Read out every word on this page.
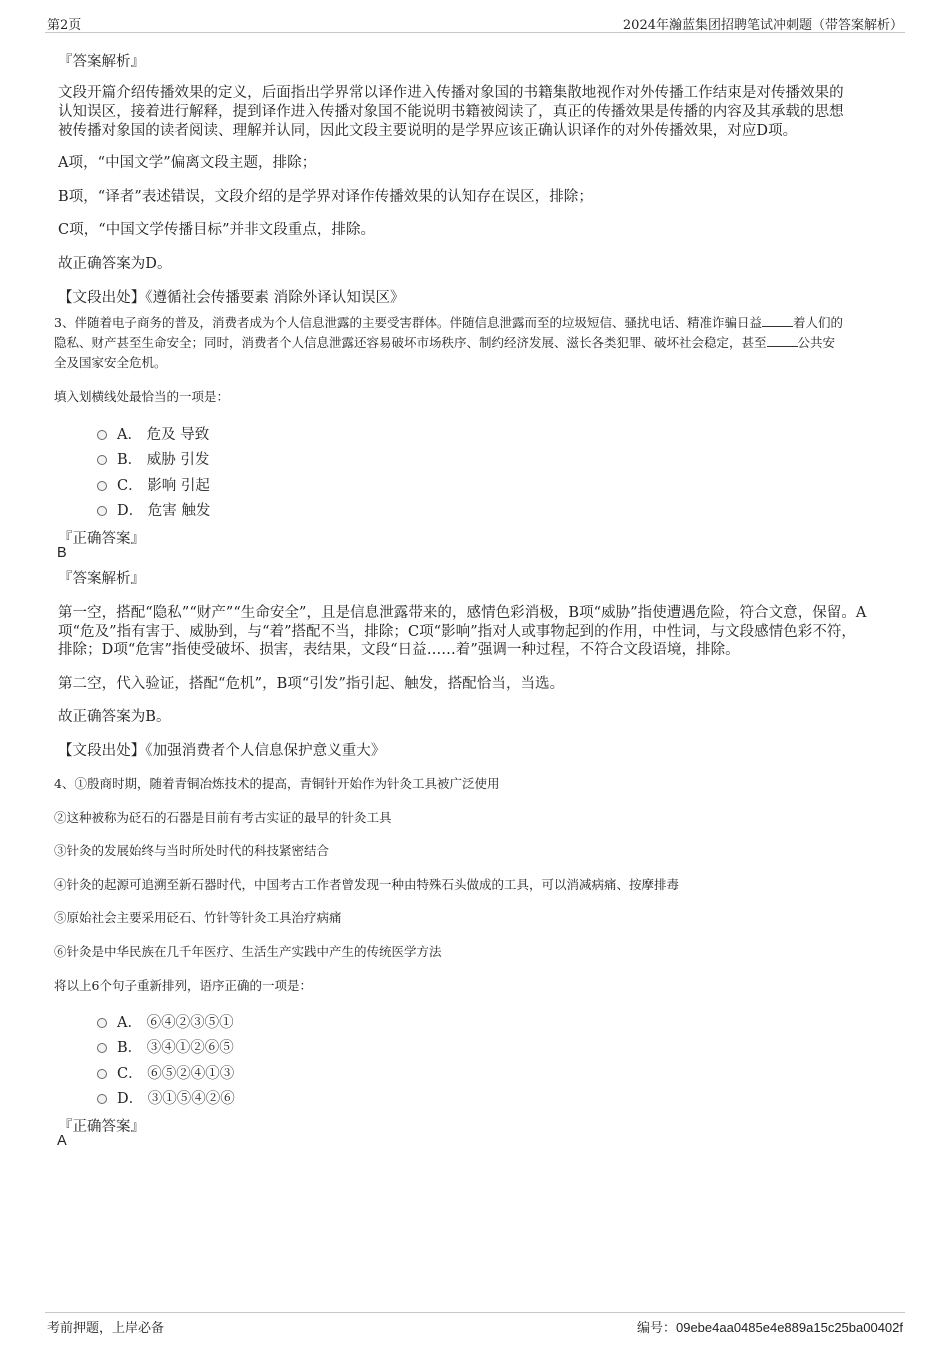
第2页	2024年瀚蓝集团招聘笔试冲刺题（带答案解析）
『答案解析』
文段开篇介绍传播效果的定义，后面指出学界常以译作进入传播对象国的书籍集散地视作对外传播工作结束是对传播效果的
认知误区，接着进行解释，提到译作进入传播对象国不能说明书籍被阅读了，真正的传播效果是传播的内容及其承载的思想
被传播对象国的读者阅读、理解并认同，因此文段主要说明的是学界应该正确认识译作的对外传播效果，对应D项。
A项，“中国文学”偏离文段主题，排除；
B项，“译者”表述错误，文段介绍的是学界对译作传播效果的认知存在误区，排除；
C项，“中国文学传播目标”并非文段重点，排除。
故正确答案为D。
【文段出处】《遵循社会传播要素 消除外译认知误区》
3、伴随着电子商务的普及，消费者成为个人信息泄露的主要受害群体。伴随信息泄露而至的垃圾短信、骚扰电话、精准诈骗日益 着人们的
隐私、财产甚至生命安全；同时，消费者个人信息泄露还容易破坏市场秩序、制约经济发展、滋长各类犯罪、破坏社会稳定，甚至 公共安
全及国家安全危机。
填入划横线处最恰当的一项是：
A． 危及 导致
B． 威胁 引发
C． 影响 引起
D． 危害 触发
『正确答案』
B
『答案解析』
第一空，搭配“隐私”“财产”“生命安全”，且是信息泄露带来的，感情色彩消极，B项“威胁”指使遭遇危险，符合文意，保留。A
项“危及”指有害于、威胁到，与“着”搭配不当，排除；C项“影响”指对人或事物起到的作用，中性词，与文段感情色彩不符，
排除；D项“危害”指使受破坏、损害，表结果，文段“日益……着”强调一种过程，不符合文段语境，排除。
第二空，代入验证，搭配“危机”，B项“引发”指引起、触发，搭配恰当，当选。
故正确答案为B。
【文段出处】《加强消费者个人信息保护意义重大》
4、①殷商时期，随着青铜冶炼技术的提高，青铜针开始作为针灸工具被广泛使用
②这种被称为砭石的石器是目前有考古实证的最早的针灸工具
③针灸的发展始终与当时所处时代的科技紧密结合
④针灸的起源可追溯至新石器时代，中国考古工作者曾发现一种由特殊石头做成的工具，可以消减病痛、按摩排毒
⑤原始社会主要采用砭石、竹针等针灸工具治疗病痛
⑥针灸是中华民族在几千年医疗、生活生产实践中产生的传统医学方法
将以上6个句子重新排列，语序正确的一项是：
A． ⑥④②③⑤①
B． ③④①②⑥⑤
C． ⑥⑤②④①③
D． ③①⑤④②⑥
『正确答案』
A
考前押题，上岸必备	编号：09ebe4aa0485e4e889a15c25ba00402f
